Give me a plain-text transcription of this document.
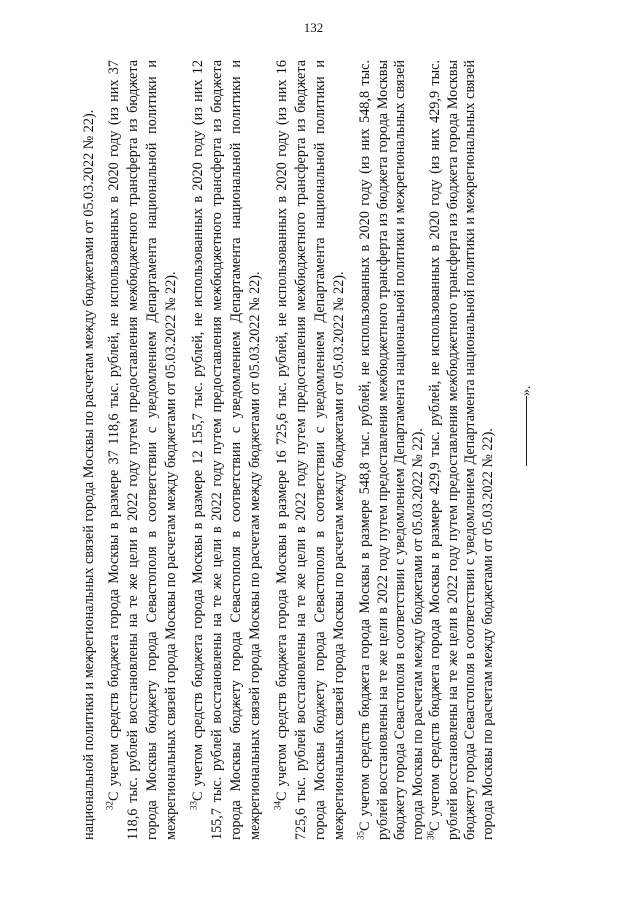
132

национальной политики и межрегиональных связей города Москвы по расчетам между бюджетами от 05.03.2022 № 22). $^{32}$С учетом средств бюджета города Москвы в размере 37 118,6 тыс. рублей, не использованных в 2020 году (из них 37 118,6 тыс. рублей восстановлены на те же цели в 2022 году путем предоставления межбюджетного трансферта из бюджета города Москвы бюджету города Севастополя в соответствии с уведомлением Департамента национальной политики и межрегиональных связей города Москвы по расчетам между бюджетами от 05.03.2022 № 22). $^{33}$С учетом средств бюджета города Москвы в размере 12 155,7 тыс. рублей, не использованных в 2020 году (из них 12 155,7 тыс. рублей восстановлены на те же цели в 2022 году путем предоставления межбюджетного трансферта из бюджета города Москвы бюджету города Севастополя в соответствии с уведомлением Департамента национальной политики и межрегиональных связей города Москвы по расчетам между бюджетами от 05.03.2022 № 22). $^{34}$С учетом средств бюджета города Москвы в размере 16 725,6 тыс. рублей, не использованных в 2020 году (из них 16 725,6 тыс. рублей восстановлены на те же цели в 2022 году путем предоставления межбюджетного трансферта из бюджета города Москвы бюджету города Севастополя в соответствии с уведомлением Департамента национальной политики и межрегиональных связей города Москвы по расчетам между бюджетами от 05.03.2022 № 22). $^{35}$С учетом средств бюджета города Москвы в размере 548,8 тыс. рублей, не использованных в 2020 году (из них 548,8 тыс. рублей восстановлены на те же цели в 2022 году путем предоставления межбюджетного трансферта из бюджета города Москвы бюджету города Севастополя в соответствии с уведомлением Департамента национальной политики и межрегиональных связей города Москвы по расчетам между бюджетами от 05.03.2022 № 22). $^{36}$С учетом средств бюджета города Москвы в размере 429,9 тыс. рублей, не использованных в 2020 году (из них 429,9 тыс. рублей восстановлены на те же цели в 2022 году путем предоставления межбюджетного трансферта из бюджета города Москвы бюджету города Севастополя в соответствии с уведомлением Департамента национальной политики и межрегиональных связей города Москвы по расчетам между бюджетами от 05.03.2022 № 22).

».
